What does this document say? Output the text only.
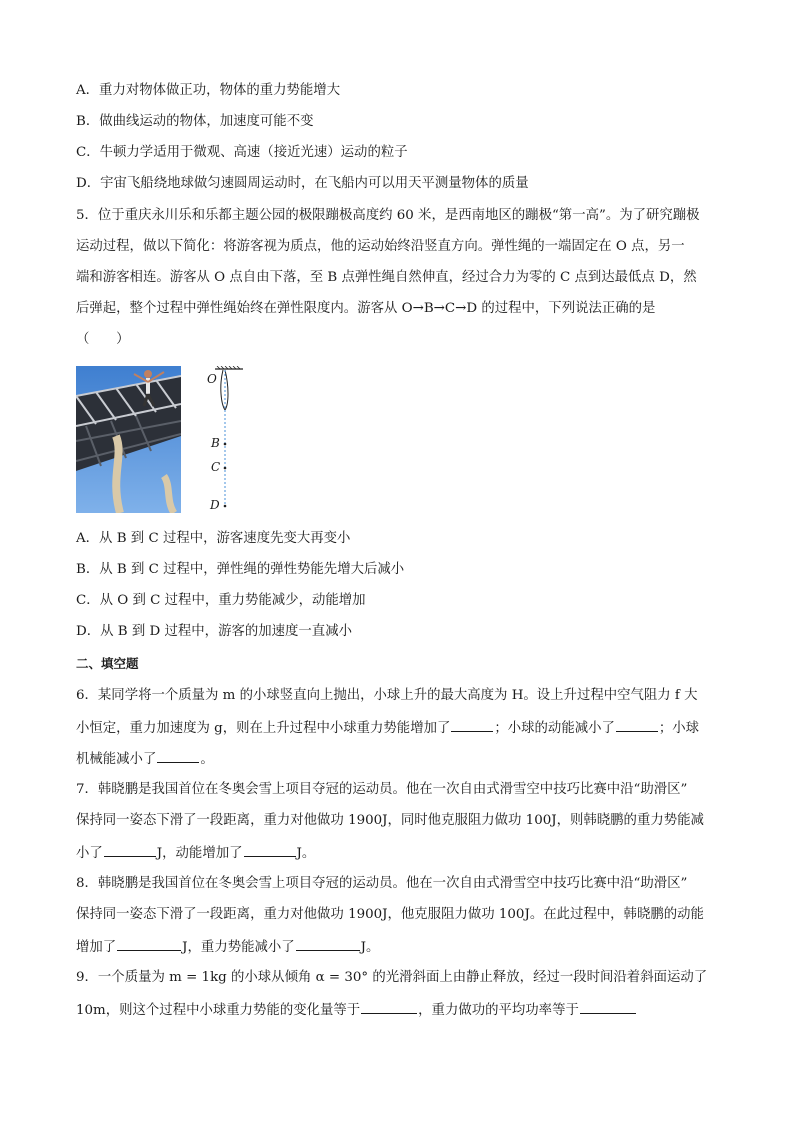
A．重力对物体做正功，物体的重力势能增大
B．做曲线运动的物体，加速度可能不变
C．牛顿力学适用于微观、高速（接近光速）运动的粒子
D．宇宙飞船绕地球做匀速圆周运动时，在飞船内可以用天平测量物体的质量
5．位于重庆永川乐和乐都主题公园的极限蹦极高度约 60 米，是西南地区的蹦极“第一高”。为了研究蹦极
运动过程，做以下简化：将游客视为质点，他的运动始终沿竖直方向。弹性绳的一端固定在 O 点，另一
端和游客相连。游客从 O 点自由下落，至 B 点弹性绳自然伸直，经过合力为零的 C 点到达最低点 D，然
后弹起，整个过程中弹性绳始终在弹性限度内。游客从 O→B→C→D 的过程中，下列说法正确的是
（　　）
O
B
C
D
A．从 B 到 C 过程中，游客速度先变大再变小
B．从 B 到 C 过程中，弹性绳的弹性势能先增大后减小
C．从 O 到 C 过程中，重力势能减少，动能增加
D．从 B 到 D 过程中，游客的加速度一直减小
二、填空题
6．某同学将一个质量为 m 的小球竖直向上抛出，小球上升的最大高度为 H。设上升过程中空气阻力 f 大
小恒定，重力加速度为 g，则在上升过程中小球重力势能增加了	；小球的动能减小了	；小球
机械能减小了	。
7．韩晓鹏是我国首位在冬奥会雪上项目夺冠的运动员。他在一次自由式滑雪空中技巧比赛中沿“助滑区”
保持同一姿态下滑了一段距离，重力对他做功 1900J，同时他克服阻力做功 100J，则韩晓鹏的重力势能减
小了	J，动能增加了	J。
8．韩晓鹏是我国首位在冬奥会雪上项目夺冠的运动员。他在一次自由式滑雪空中技巧比赛中沿“助滑区”
保持同一姿态下滑了一段距离，重力对他做功 1900J，他克服阻力做功 100J。在此过程中，韩晓鹏的动能
增加了	J，重力势能减小了	J。
9．一个质量为 m = 1kg 的小球从倾角 α = 30° 的光滑斜面上由静止释放，经过一段时间沿着斜面运动了
10m，则这个过程中小球重力势能的变化量等于	，重力做功的平均功率等于
